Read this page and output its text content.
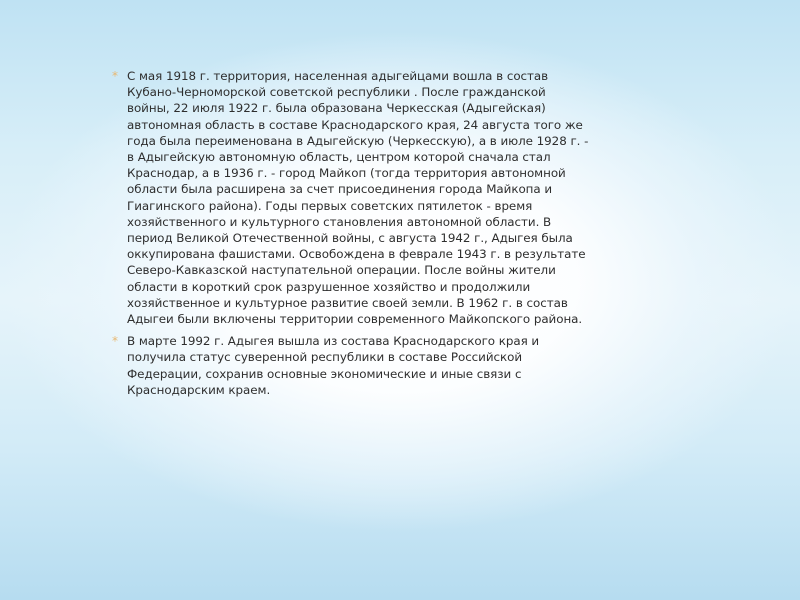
* С мая 1918 г. территория, населенная адыгейцами вошла в состав
Кубано-Черноморской советской республики . После гражданской
войны, 22 июля 1922 г. была образована Черкесская (Адыгейская)
автономная область в составе Краснодарского края, 24 августа того же
года была переименована в Адыгейскую (Черкесскую), а в июле 1928 г. -
в Адыгейскую автономную область, центром которой сначала стал
Краснодар, а в 1936 г. - город Майкоп (тогда территория автономной
области была расширена за счет присоединения города Майкопа и
Гиагинского района). Годы первых советских пятилеток - время
хозяйственного и культурного становления автономной области. В
период Великой Отечественной войны, с августа 1942 г., Адыгея была
оккупирована фашистами. Освобождена в феврале 1943 г. в результате
Северо-Кавказской наступательной операции. После войны жители
области в короткий срок разрушенное хозяйство и продолжили
хозяйственное и культурное развитие своей земли. В 1962 г. в состав
Адыгеи были включены территории современного Майкопского района.
* В марте 1992 г. Адыгея вышла из состава Краснодарского края и
получила статус суверенной республики в составе Российской
Федерации, сохранив основные экономические и иные связи с
Краснодарским краем.
